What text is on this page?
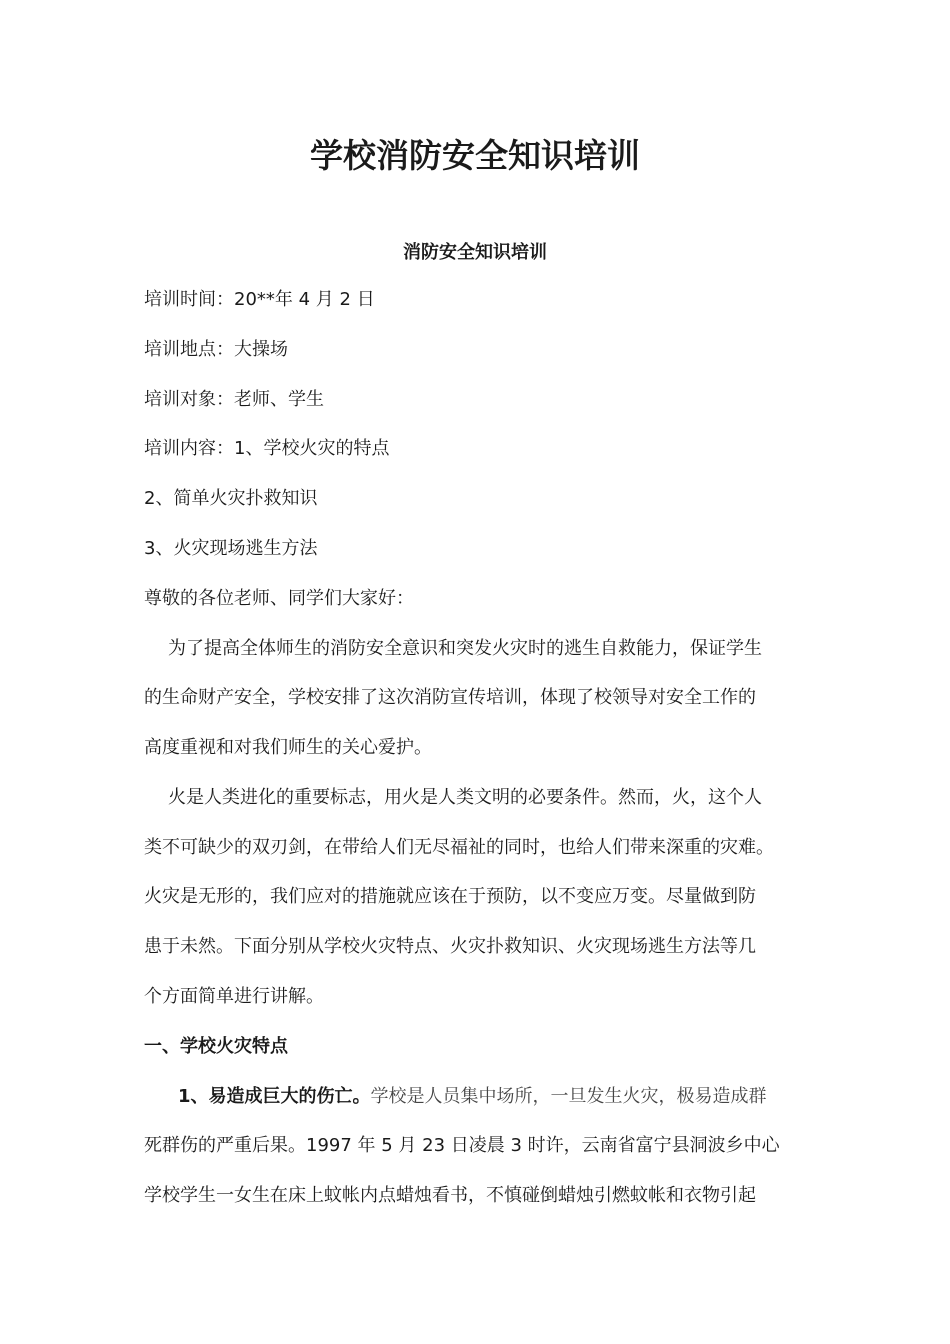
学校消防安全知识培训
消防安全知识培训
培训时间：20**年 4 月 2 日
培训地点：大操场
培训对象：老师、学生
培训内容：1、学校火灾的特点
2、简单火灾扑救知识
3、火灾现场逃生方法
尊敬的各位老师、同学们大家好：
为了提高全体师生的消防安全意识和突发火灾时的逃生自救能力，保证学生
的生命财产安全，学校安排了这次消防宣传培训，体现了校领导对安全工作的
高度重视和对我们师生的关心爱护。
火是人类进化的重要标志，用火是人类文明的必要条件。然而，火，这个人
类不可缺少的双刃剑，在带给人们无尽福祉的同时，也给人们带来深重的灾难。
火灾是无形的，我们应对的措施就应该在于预防，以不变应万变。尽量做到防
患于未然。下面分别从学校火灾特点、火灾扑救知识、火灾现场逃生方法等几
个方面简单进行讲解。
一、学校火灾特点
1、易造成巨大的伤亡。学校是人员集中场所，一旦发生火灾，极易造成群
死群伤的严重后果。1997 年 5 月 23 日凌晨 3 时许，云南省富宁县洞波乡中心
学校学生一女生在床上蚊帐内点蜡烛看书，不慎碰倒蜡烛引燃蚊帐和衣物引起
